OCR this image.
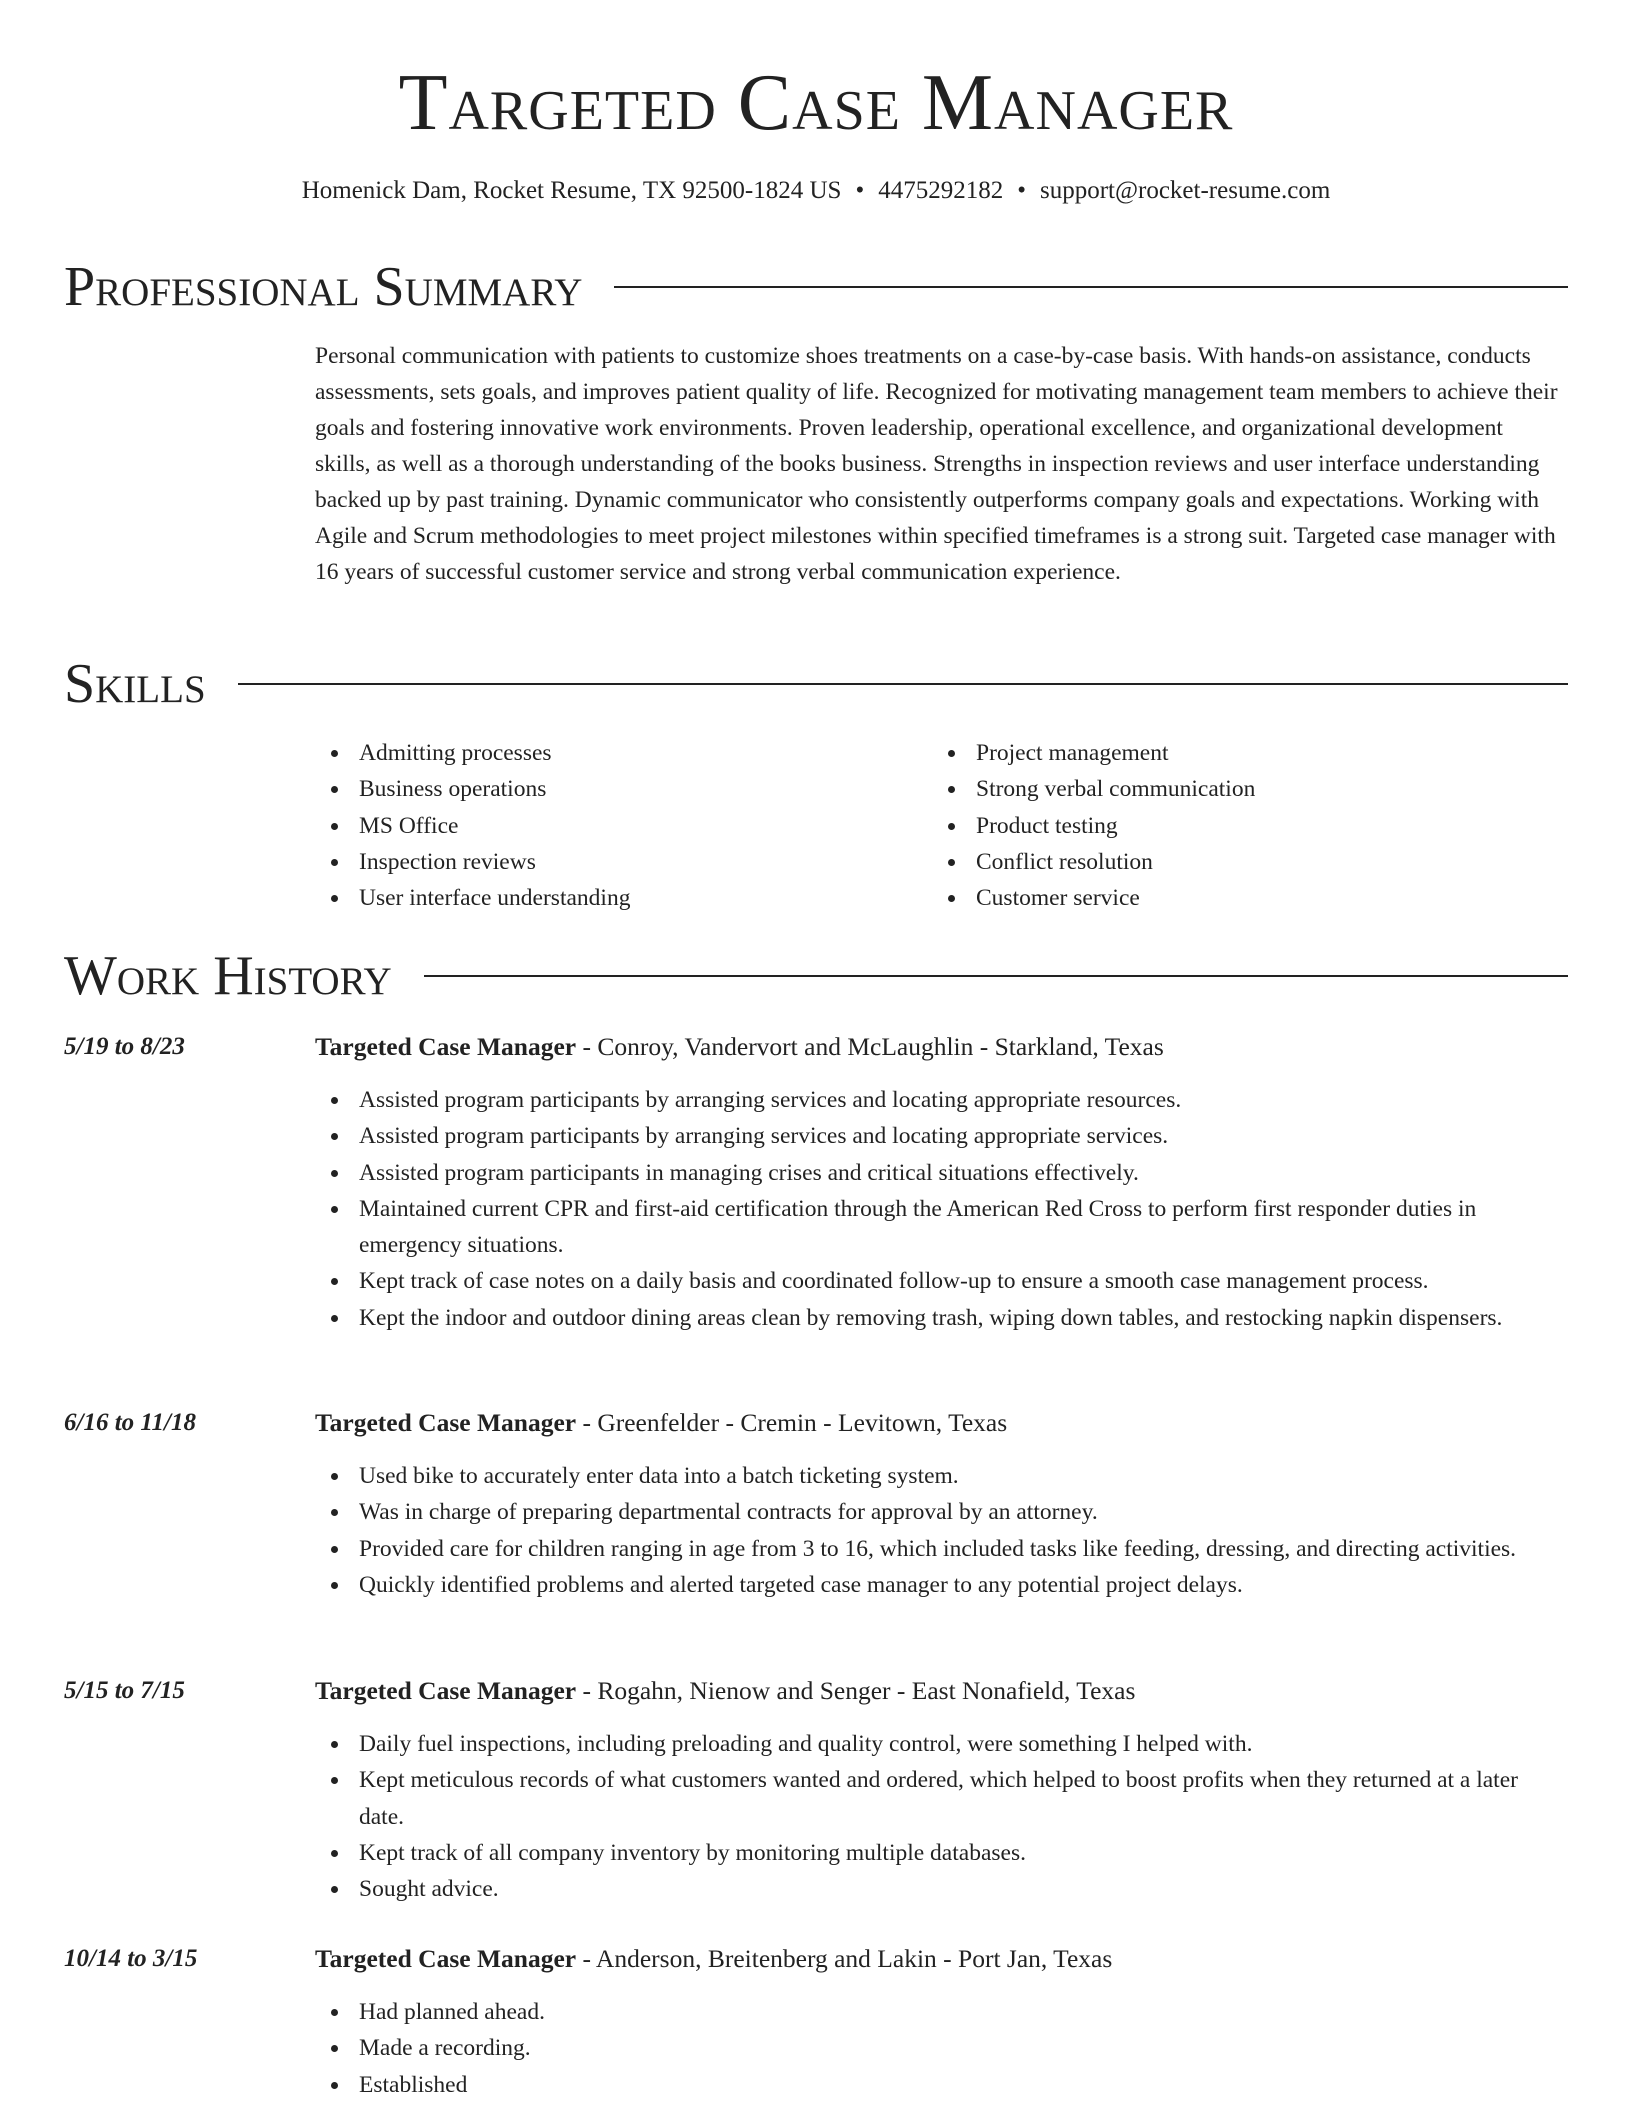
Targeted Case Manager
Homenick Dam, Rocket Resume, TX 92500-1824 US • 4475292182 • support@rocket-resume.com
Professional Summary

Personal communication with patients to customize shoes treatments on a case-by-case basis. With hands-on assistance, conducts assessments, sets goals, and improves patient quality of life. Recognized for motivating management team members to achieve their goals and fostering innovative work environments. Proven leadership, operational excellence, and organizational development skills, as well as a thorough understanding of the books business. Strengths in inspection reviews and user interface understanding backed up by past training. Dynamic communicator who consistently outperforms company goals and expectations. Working with Agile and Scrum methodologies to meet project milestones within specified timeframes is a strong suit. Targeted case manager with 16 years of successful customer service and strong verbal communication experience.

Skills
Admitting processes
Business operations
MS Office
Inspection reviews
User interface understanding
Project management
Strong verbal communication
Product testing
Conflict resolution
Customer service
Work History
5/19 to 8/23	Targeted Case Manager - Conroy, Vandervort and McLaughlin - Starkland, Texas
Assisted program participants by arranging services and locating appropriate resources.
Assisted program participants by arranging services and locating appropriate services.
Assisted program participants in managing crises and critical situations effectively.
Maintained current CPR and first-aid certification through the American Red Cross to perform first responder duties in emergency situations.
Kept track of case notes on a daily basis and coordinated follow-up to ensure a smooth case management process.
Kept the indoor and outdoor dining areas clean by removing trash, wiping down tables, and restocking napkin dispensers.
6/16 to 11/18	Targeted Case Manager - Greenfelder - Cremin - Levitown, Texas
Used bike to accurately enter data into a batch ticketing system.
Was in charge of preparing departmental contracts for approval by an attorney.
Provided care for children ranging in age from 3 to 16, which included tasks like feeding, dressing, and directing activities.
Quickly identified problems and alerted targeted case manager to any potential project delays.
5/15 to 7/15	Targeted Case Manager - Rogahn, Nienow and Senger - East Nonafield, Texas
Daily fuel inspections, including preloading and quality control, were something I helped with.
Kept meticulous records of what customers wanted and ordered, which helped to boost profits when they returned at a later date.
Kept track of all company inventory by monitoring multiple databases.
Sought advice.
10/14 to 3/15	Targeted Case Manager - Anderson, Breitenberg and Lakin - Port Jan, Texas
Had planned ahead.
Made a recording.
Established
